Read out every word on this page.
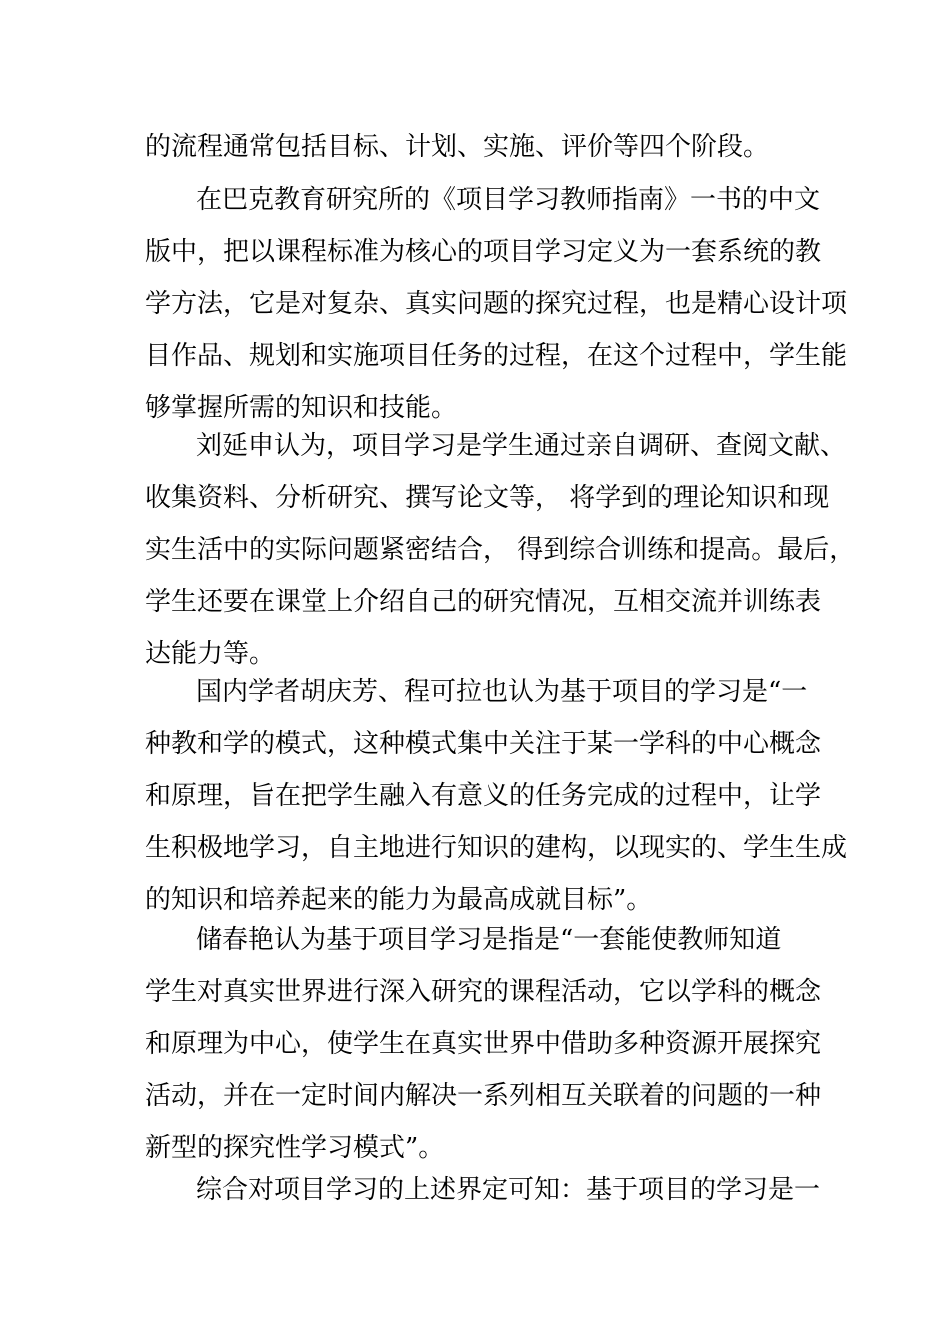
的流程通常包括目标、计划、实施、评价等四个阶段。
在巴克教育研究所的《项目学习教师指南》一书的中文
版中，把以课程标准为核心的项目学习定义为一套系统的教
学方法，它是对复杂、真实问题的探究过程，也是精心设计项
目作品、规划和实施项目任务的过程，在这个过程中，学生能
够掌握所需的知识和技能。
刘延申认为，项目学习是学生通过亲自调研、查阅文献、
收集资料、分析研究、撰写论文等， 将学到的理论知识和现
实生活中的实际问题紧密结合， 得到综合训练和提高。最后，
学生还要在课堂上介绍自己的研究情况，互相交流并训练表
达能力等。
国内学者胡庆芳、程可拉也认为基于项目的学习是“一
种教和学的模式，这种模式集中关注于某一学科的中心概念
和原理，旨在把学生融入有意义的任务完成的过程中，让学
生积极地学习，自主地进行知识的建构，以现实的、学生生成
的知识和培养起来的能力为最高成就目标”。
储春艳认为基于项目学习是指是“一套能使教师知道
学生对真实世界进行深入研究的课程活动，它以学科的概念
和原理为中心，使学生在真实世界中借助多种资源开展探究
活动，并在一定时间内解决一系列相互关联着的问题的一种
新型的探究性学习模式”。
综合对项目学习的上述界定可知：基于项目的学习是一
